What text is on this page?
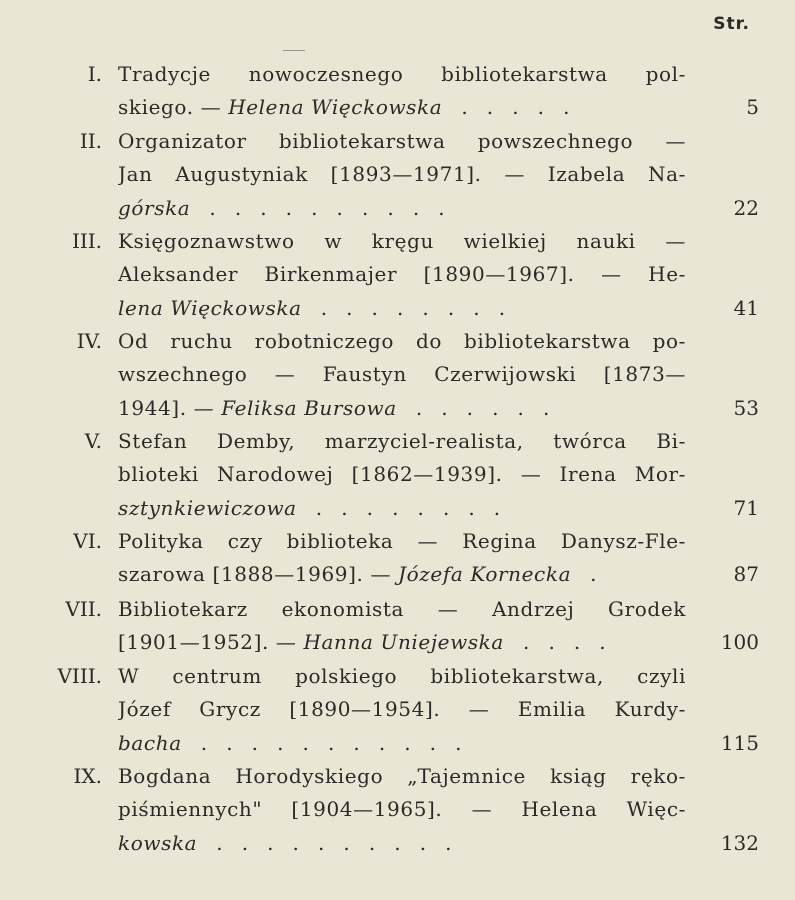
Str.
I. Tradycje nowoczesnego bibliotekarstwa pol-
skiego. — Helena Więckowska   .   .   .   .   .	5
II. Organizator bibliotekarstwa powszechnego —
Jan Augustyniak [1893—1971]. — Izabela Na-
górska   .   .   .   .   .   .   .   .   .   .	22
III. Księgoznawstwo w kręgu wielkiej nauki —
Aleksander Birkenmajer [1890—1967]. — He-
lena Więckowska   .   .   .   .   .   .   .   .	41
IV. Od ruchu robotniczego do bibliotekarstwa po-
wszechnego — Faustyn Czerwijowski [1873—
1944]. — Feliksa Bursowa   .   .   .   .   .   .	53
V. Stefan Demby, marzyciel-realista, twórca Bi-
blioteki Narodowej [1862—1939]. — Irena Mor-
sztynkiewiczowa   .   .   .   .   .   .   .   .	71
VI. Polityka czy biblioteka — Regina Danysz-Fle-
szarowa [1888—1969]. — Józefa Kornecka   .	87
VII. Bibliotekarz ekonomista — Andrzej Grodek
[1901—1952]. — Hanna Uniejewska   .   .   .   .	100
VIII. W centrum polskiego bibliotekarstwa, czyli
Józef Grycz [1890—1954]. — Emilia Kurdy-
bacha   .   .   .   .   .   .   .   .   .   .   .	115
IX. Bogdana Horodyskiego „Tajemnice ksiąg ręko-
piśmiennych" [1904—1965]. — Helena Więc-
kowska   .   .   .   .   .   .   .   .   .   .	132
